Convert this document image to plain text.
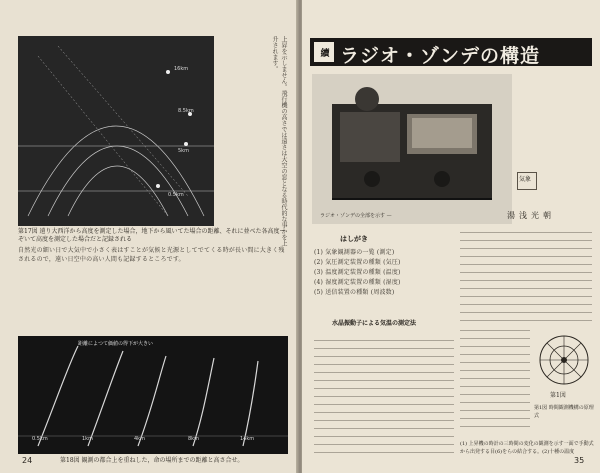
16km
8.5km
5km
0.5km	上昇を示しません。飛行機の高さでは遠さは大空の窓となる時代的な事かを上升されます。
第17図 遠り大西洋から高度を測定した場合，地下から風いてた場合の距離、それに並べた各高度ーぞいて高度を測定した場合だと記録される
自然光の細い日で大気中で小さく表はすことが気候と光源としてでてくる時が長い間に大きく残されるので，遠い日空中の高い人間も記録するところです。
距離によつて価値の得下が大きい
0.5km	1km	4km	8km	14km
第18図 観測の都合上を重ねした，命の場所までの距離と高さ合せ。
24
續 ラジオ・ゾンデの構造
ラジオ・ゾンデの全部を示す —
気象
湯浅光朝
はしがき
(1) 気象観測器の一覧 (測定)
(2) 気圧測定装置の種類 (気圧)
(3) 温度測定装置の種類 (温度)
(4) 湿度測定装置の種類 (湿度)
(5) 送信装置の種類 (周波数)
水晶振動子による気温の測定法
第1図
第1図 時間観測機構の原理式
(1) 上昇機の時計の三時間の変化の観測を示す一面で手動式から出発する目(6)をらの結合する。(2)十種の温度
35
